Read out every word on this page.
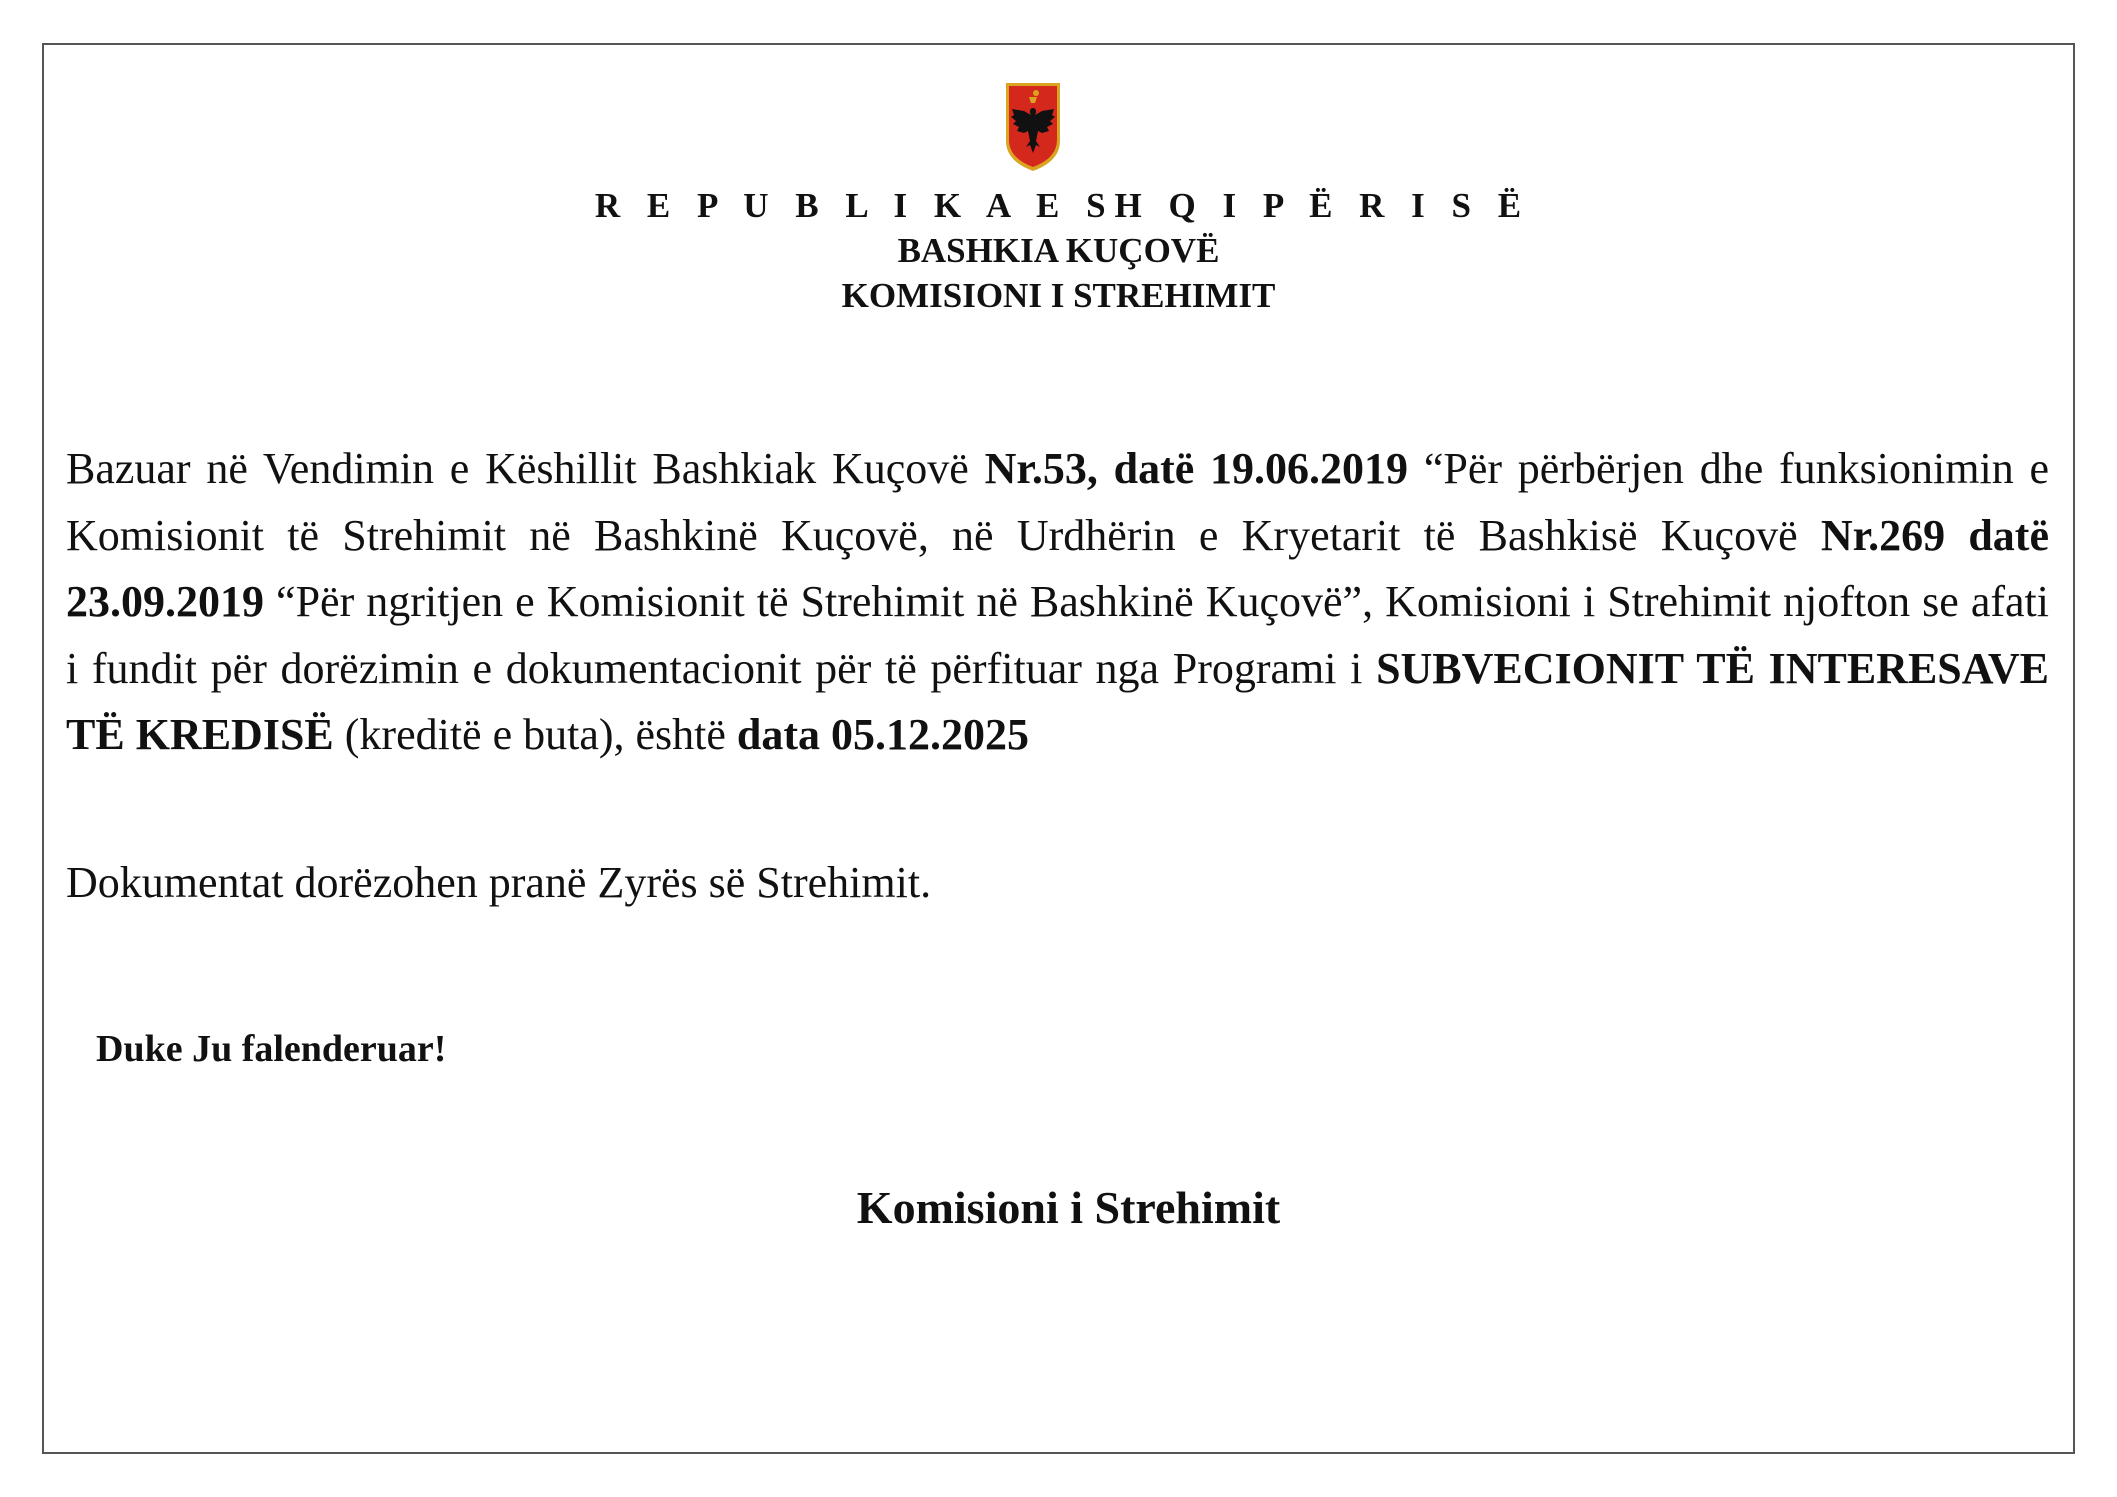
R E P U B L I K A E SH Q I P Ë R I S Ë
BASHKIA KUÇOVË
KOMISIONI I STREHIMIT
Bazuar në Vendimin e Këshillit Bashkiak Kuçovë Nr.53, datë 19.06.2019 “Për përbërjen dhe funksionimin e Komisionit të Strehimit në Bashkinë Kuçovë, në Urdhërin e Kryetarit të Bashkisë Kuçovë Nr.269 datë 23.09.2019 “Për ngritjen e Komisionit të Strehimit në Bashkinë Kuçovë”, Komisioni i Strehimit njofton se afati i fundit për dorëzimin e dokumentacionit për të përfituar nga Programi i SUBVECIONIT TË INTERESAVE TË KREDISË (kreditë e buta), është data 05.12.2025
Dokumentat dorëzohen pranë Zyrës së Strehimit.
Duke Ju falenderuar!
Komisioni i Strehimit
